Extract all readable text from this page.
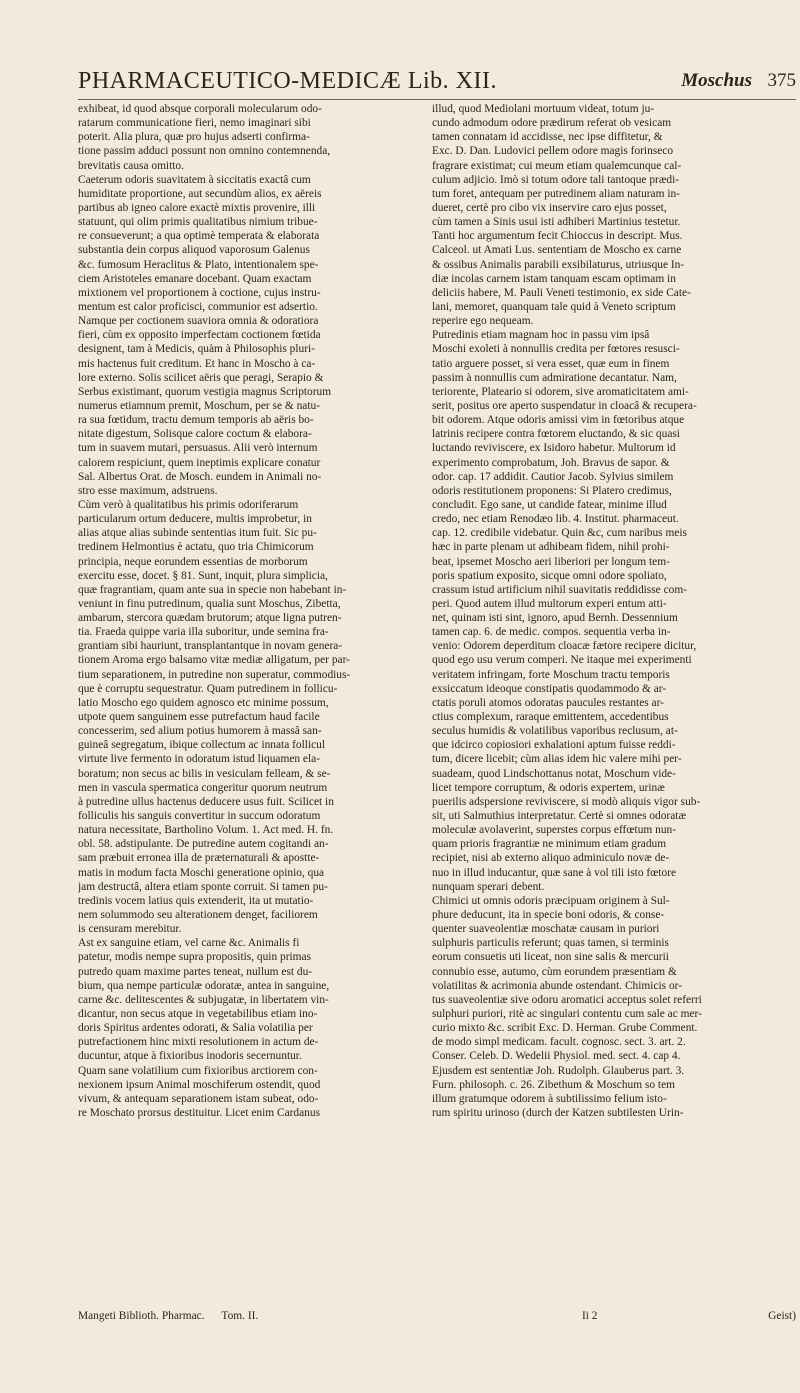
PHARMACEUTICO-MEDICÆ Lib. XII.	Moschus 375
exhibeat, id quod absque corporali molecularum odo-
ratarum communicatione fieri, nemo imaginari sibi
poterit. Alia plura, quæ pro hujus adserti confirma-
tione passim adduci possunt non omnino contemnenda,
brevitatis causa omitto.
Caeterum odoris suavitatem à siccitatis exactâ cum
humiditate proportione, aut secundùm alios, ex aëreis
partibus ab igneo calore exactè mixtis provenire, illi
statuunt, qui olim primis qualitatibus nimium tribue-
re consueverunt; a qua optimè temperata & elaborata
substantia dein corpus aliquod vaporosum Galenus
&c. fumosum Heraclitus & Plato, intentionalem spe-
ciem Aristoteles emanare docebant. Quam exactam
mixtionem vel proportionem à coctione, cujus instru-
mentum est calor proficisci, communior est adsertio.
Namque per coctionem suaviora omnia & odoratiora
fieri, cùm ex opposito imperfectam coctionem fœtida
designent, tam à Medicis, quàm à Philosophis pluri-
mis hactenus fuit creditum. Et hanc in Moscho à ca-
lore externo. Solis scilicet aëris que peragi, Serapio &
Serbus existimant, quorum vestigia magnus Scriptorum
numerus etiamnum premit, Moschum, per se & natu-
ra sua fœtidum, tractu demum temporis ab aëris bo-
nitate digestum, Solisque calore coctum & elabora-
tum in suavem mutari, persuasus. Alii verò internum
calorem respiciunt, quem ineptimis explicare conatur
Sal. Albertus Orat. de Mosch. eundem in Animali no-
stro esse maximum, adstruens.
Cùm verò à qualitatibus his primis odoriferarum
particularum ortum deducere, multis improbetur, in
alias atque alias subinde sententias itum fuit. Sic pu-
tredinem Helmontius è actatu, quo tria Chimicorum
principia, neque eorundem essentias de morborum
exercitu esse, docet. § 81. Sunt, inquit, plura simplicia,
quæ fragrantiam, quam ante sua in specie non habebant in-
veniunt in finu putredinum, qualia sunt Moschus, Zibetta,
ambarum, stercora quædam brutorum; atque ligna putren-
tia. Fraeda quippe varia illa suboritur, unde semina fra-
grantiam sibi hauriunt, transplantantque in novam genera-
tionem Aroma ergo balsamo vitæ mediæ alligatum, per par-
tium separationem, in putredine non superatur, commodius-
que è corruptu sequestratur. Quam putredinem in follicu-
latio Moscho ego quidem agnosco etc minime possum,
utpote quem sanguinem esse putrefactum haud facile
concesserim, sed alium potius humorem à massâ san-
guineâ segregatum, ibique collectum ac innata follicul
virtute live fermento in odoratum istud liquamen ela-
boratum; non secus ac bilis in vesiculam felleam, & se-
men in vascula spermatica congeritur quorum neutrum
à putredine ullus hactenus deducere usus fuit. Scilicet in
folliculis his sanguis convertitur in succum odoratum
natura necessitate, Bartholino Volum. 1. Act med. H. fn.
obl. 58. adstipulante. De putredine autem cogitandi an-
sam præbuit erronea illa de præternaturali & apostte-
matis in modum facta Moschi generatione opinio, qua
jam destructâ, altera etiam sponte corruit. Si tamen pu-
tredinis vocem latius quis extenderit, ita ut mutatio-
nem solummodo seu alterationem denget, faciliorem
is censuram merebitur.
Ast ex sanguine etiam, vel carne &c. Animalis fi
patetur, modis nempe supra propositis, quin primas
putredo quam maxime partes teneat, nullum est du-
bium, qua nempe particulæ odoratæ, antea in sanguine,
carne &c. delitescentes & subjugatæ, in libertatem vin-
dicantur, non secus atque in vegetabilibus etiam ino-
doris Spiritus ardentes odorati, & Salia volatilia per
putrefactionem hinc mixti resolutionem in actum de-
ducuntur, atque à fixioribus inodoris secernuntur.
Quam sane volatilium cum fixioribus arctiorem con-
nexionem ipsum Animal moschiferum ostendit, quod
vivum, & antequam separationem istam subeat, odo-
re Moschato prorsus destituitur. Licet enim Cardanus
illud, quod Mediolani mortuum videat, totum ju-
cundo admodum odore prædirum referat ob vesicam
tamen connatam id accidisse, nec ipse diffitetur, &
Exc. D. Dan. Ludovici pellem odore magis forinseco
fragrare existimat; cui meum etiam qualemcunque cal-
culum adjicio. Imò si totum odore tali tantoque prædi-
tum foret, antequam per putredinem aliam naturam in-
dueret, certè pro cibo vix inservire caro ejus posset,
cùm tamen a Sinis usui isti adhiberi Martinius testetur.
Tanti hoc argumentum fecit Chioccus in descript. Mus.
Calceol. ut Amati Lus. sententiam de Moscho ex carne
& ossibus Animalis parabili exsibilaturus, utriusque In-
diæ incolas carnem istam tanquam escam optimam in
deliciis habere, M. Pauli Veneti testimonio, ex side Cate-
lani, memoret, quanquam tale quid à Veneto scriptum
reperire ego nequeam.
Putredinis etiam magnam hoc in passu vim ipsâ
Moschi exoleti à nonnullis credita per fœtores resusci-
tatio arguere posset, si vera esset, quæ eum in finem
passim à nonnullis cum admiratione decantatur. Nam,
teriorente, Plateario si odorem, sive aromaticitatem ami-
serit, positus ore aperto suspendatur in cloacâ & recupera-
bit odorem. Atque odoris amissi vim in fœtoribus atque
latrinis recipere contra fœtorem eluctando, & sic quasi
luctando reviviscere, ex Isidoro habetur. Multorum id
experimento comprobatum, Joh. Bravus de sapor. &
odor. cap. 17 addidit. Cautior Jacob. Sylvius similem
odoris restitutionem proponens: Si Platero credimus,
concludit. Ego sane, ut candide fatear, minime illud
credo, nec etiam Renodæo lib. 4. Institut. pharmaceut.
cap. 12. credibile videbatur. Quin &c, cum naribus meis
hæc in parte plenam ut adhibeam fidem, nihil prohi-
beat, ipsemet Moscho aeri liberiori per longum tem-
poris spatium exposito, sicque omni odore spoliato,
crassum istud artificium nihil suavitatis reddidisse com-
peri. Quod autem illud multorum experi entum atti-
net, quinam isti sint, ignoro, apud Bernh. Dessennium
tamen cap. 6. de medic. compos. sequentia verba in-
venio: Odorem deperditum cloacæ fætore recipere dicitur,
quod ego usu verum comperi. Ne itaque mei experimenti
veritatem infringam, forte Moschum tractu temporis
exsiccatum ideoque constipatis quodammodo & ar-
ctatis poruli atomos odoratas paucules restantes ar-
ctius complexum, raraque emittentem, accedentibus
seculus humidis & volatilibus vaporibus reclusum, at-
que idcirco copiosiori exhalationi aptum fuisse reddi-
tum, dicere licebit; cùm alias idem hic valere mihi per-
suadeam, quod Lindschottanus notat, Moschum vide-
licet tempore corruptum, & odoris expertem, urinæ
puerilis adspersione reviviscere, si modò aliquis vigor sub-
sit, uti Salmuthius interpretatur. Certè si omnes odoratæ
moleculæ avolaverint, superstes corpus effœtum nun-
quam prioris fragrantiæ ne minimum etiam gradum
recipiet, nisi ab externo aliquo adminiculo novæ de-
nuo in illud inducantur, quæ sane à vol tili isto fœtore
nunquam sperari debent.
Chimici ut omnis odoris præcipuam originem à Sul-
phure deducunt, ita in specie boni odoris, & conse-
quenter suaveolentiæ moschatæ causam in puriori
sulphuris particulis referunt; quas tamen, si terminis
eorum consuetis uti liceat, non sine salis & mercurii
connubio esse, autumo, cùm eorundem præsentiam &
volatilitas & acrimonia abunde ostendant. Chimicis or-
tus suaveolentiæ sive odoru aromatici acceptus solet referri
sulphuri puriori, ritè ac singulari contentu cum sale ac mer-
curio mixto &c. scribit Exc. D. Herman. Grube Comment.
de modo simpl medicam. facult. cognosc. sect. 3. art. 2.
Conser. Celeb. D. Wedelii Physiol. med. sect. 4. cap 4.
Ejusdem est sententiæ Joh. Rudolph. Glauberus part. 3.
Furn. philosoph. c. 26. Zibethum & Moschum so tem
illum gratumque odorem à subtilissimo felium isto-
rum spiritu urinoso (durch der Katzen subtilesten Urin-
Mangeti Biblioth. Pharmac. Tom. II.	Ii 2	Geist)
